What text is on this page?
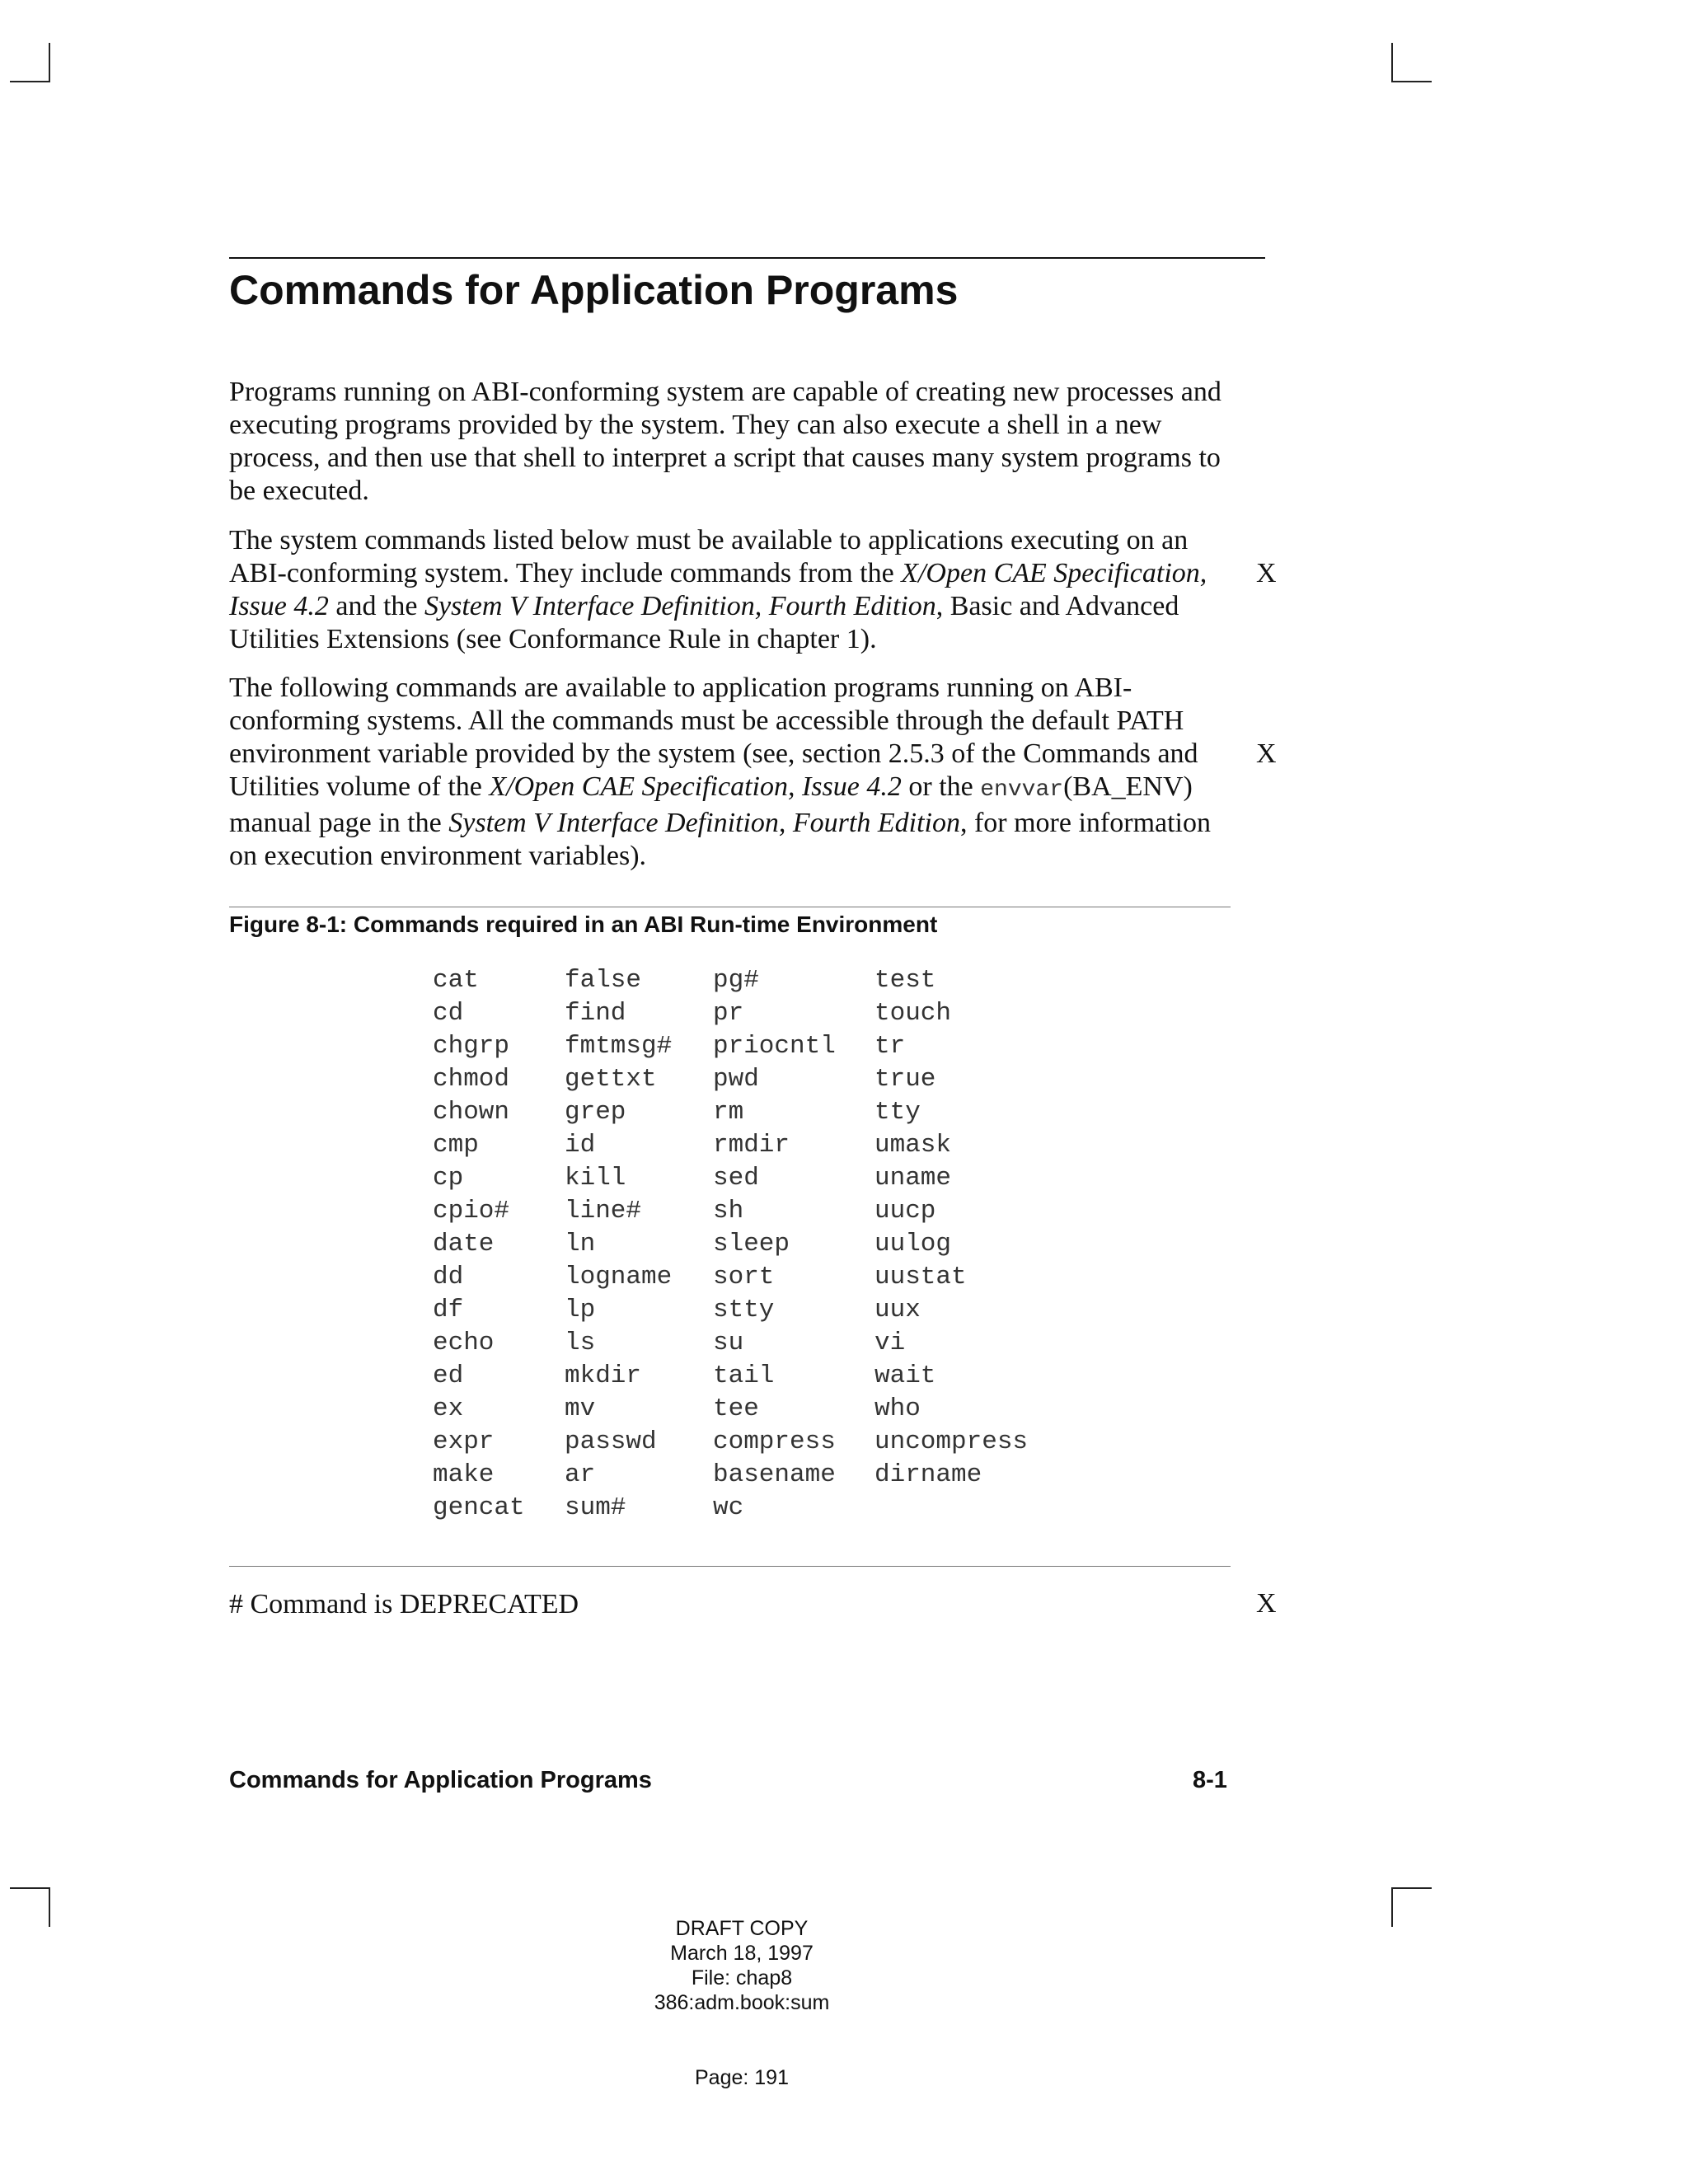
Commands for Application Programs

Programs running on ABI-conforming system are capable of creating new processes and executing programs provided by the system. They can also execute a shell in a new process, and then use that shell to interpret a script that causes many system programs to be executed.

The system commands listed below must be available to applications executing on an ABI-conforming system. They include commands from the X/Open CAE Specification, Issue 4.2 and the System V Interface Definition, Fourth Edition, Basic and Advanced Utilities Extensions (see Conformance Rule in chapter 1).

The following commands are available to application programs running on ABI-conforming systems. All the commands must be accessible through the default PATH environment variable provided by the system (see, section 2.5.3 of the Commands and Utilities volume of the X/Open CAE Specification, Issue 4.2 or the envvar(BA_ENV) manual page in the System V Interface Definition, Fourth Edition, for more information on execution environment variables).

X
X
X

Figure 8-1: Commands required in an ABI Run-time Environment

cat
cd
chgrp
chmod
chown
cmp
cp
cpio#
date
dd
df
echo
ed
ex
expr
make
gencat
false
find
fmtmsg#
gettxt
grep
id
kill
line#
ln
logname
lp
ls
mkdir
mv
passwd
ar
sum#
pg#
pr
priocntl
pwd
rm
rmdir
sed
sh
sleep
sort
stty
su
tail
tee
compress
basename
wc
test
touch
tr
true
tty
umask
uname
uucp
uulog
uustat
uux
vi
wait
who
uncompress
dirname

# Command is DEPRECATED

Commands for Application Programs	8-1

DRAFT COPY
March 18, 1997
File: chap8
386:adm.book:sum
Page: 191
